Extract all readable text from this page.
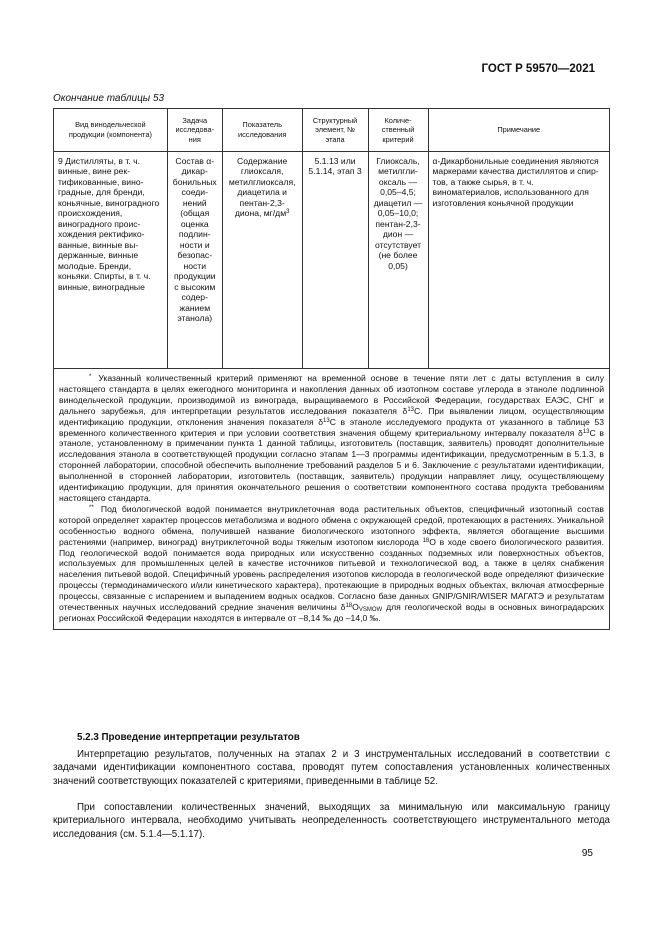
ГОСТ Р 59570—2021
Окончание таблицы 53
Вид винодельческой продукции (компонента)	Задача исследования	Показатель исследования	Структурный элемент, № этапа	Количественный критерий	Примечание
9 Дистилляты, в т. ч. винные, вине ректификованные, виноградные, для бренди, коньячные, виноградного происхождения, виноградного происхождения ректификованные, винные выдержанные, винные молодые. Бренди, коньяки. Спирты, в т. ч. винные, виноградные	Состав α-дикарбонильных соединений (общая оценка подлинности и безопасности продукции с высоким содержанием этанола)	Содержание глиоксаля, метилглиоксаля, диацетила и пентан-2,3-диона, $мг/дм^3$	5.1.13 или 5.1.14, этап 3	Глиоксаль, метилглиоксаль — 0,05–4,5; диацетил — 0,05–10,0; пентан-2,3-дион — отсутствует (не более 0,05)	α-Дикарбонильные соединения являются маркерами качества дистиллятов и спиртов, а также сырья, в т. ч. виноматериалов, использованного для изготовления коньячной продукции

* Указанный количественный критерий применяют на временной основе в течение пяти лет с даты вступления в силу настоящего стандарта в целях ежегодного мониторинга и накопления данных об изотопном составе углерода в этаноле подлинной винодельческой продукции, производимой из винограда, выращиваемого в Российской Федерации, государствах ЕАЭС, СНГ и дальнего зарубежья, для интерпретации результатов исследования показателя $\delta^{13}С$. При выявлении лицом, осуществляющим идентификацию продукции, отклонения значения показателя $\delta^{13}С$ в этаноле исследуемого продукта от указанного в таблице 53 временного количественного критерия и при условии соответствия значения общему критериальному интервалу показателя $\delta^{13}С$ в этаноле, установленному в примечании пункта 1 данной таблицы, изготовитель (поставщик, заявитель) проводят дополнительные исследования этанола в соответствующей продукции согласно этапам 1—3 программы идентификации, предусмотренным в 5.1.3, в сторонней лаборатории, способной обеспечить выполнение требований разделов 5 и 6. Заключение с результатами идентификации, выполненной в сторонней лаборатории, изготовитель (поставщик, заявитель) продукции направляет лицу, осуществляющему идентификацию продукции, для принятия окончательного решения о соответствии компонентного состава продукта требованиям настоящего стандарта.

** Под биологической водой понимается внутриклеточная вода растительных объектов, специфичный изотопный состав которой определяет характер процессов метаболизма и водного обмена с окружающей средой, протекающих в растениях. Уникальной особенностью водного обмена, получившей название биологического изотопного эффекта, является обогащение высшими растениями (например, виноград) внутриклеточной воды тяжелым изотопом кислорода $^{18}$О в ходе своего биологического развития. Под геологической водой понимается вода природных или искусственно созданных подземных или поверхностных объектов, используемых для промышленных целей в качестве источников питьевой и технологической вод, а также в целях снабжения населения питьевой водой. Специфичный уровень распределения изотопов кислорода в геологической воде определяют физические процессы (термодинамического и/или кинетического характера), протекающие в природных водных объектах, включая атмосферные процессы, связанные с испарением и выпадением водных осадков. Согласно базе данных GNIP/GNIR/WISER МАГАТЭ и результатам отечественных научных исследований средние значения величины $\delta^{18}O_{VSMOW}$ для геологической воды в основных виноградарских регионах Российской Федерации находятся в интервале от –8,14 ‰ до –14,0 ‰.					

5.2.3 Проведение интерпретации результатов

Интерпретацию результатов, полученных на этапах 2 и 3 инструментальных исследований в соответствии с задачами идентификации компонентного состава, проводят путем сопоставления установленных количественных значений соответствующих показателей с критериями, приведенными в таблице 52.

При сопоставлении количественных значений, выходящих за минимальную или максимальную границу критериального интервала, необходимо учитывать неопределенность соответствующего инструментального метода исследования (см. 5.1.4—5.1.17).

95
